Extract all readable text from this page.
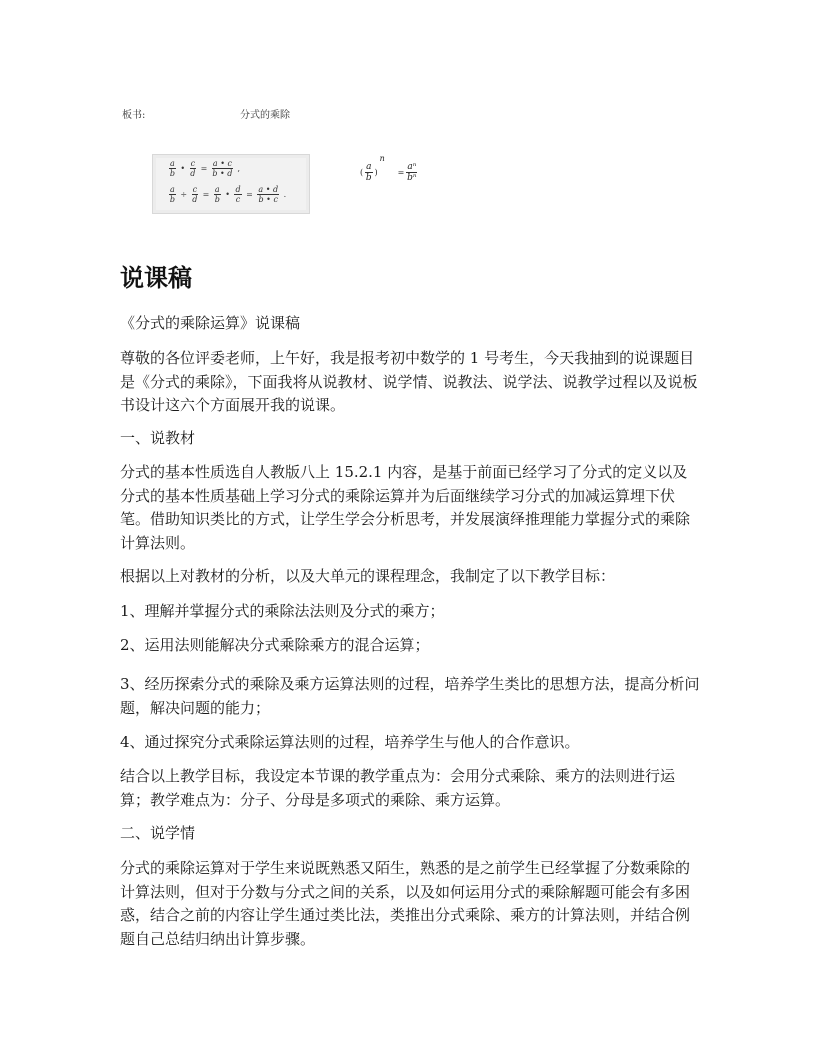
板书:	分式的乘除
$\frac{a}{b}$ • $\frac{c}{d} = \frac{a • c}{b • d}$ ,
$\frac{a}{b} \div \frac{c}{d} = \frac{a}{b}$ • $\frac{d}{c} = \frac{a • d}{b • c}$ .
( $\frac{a}{b} )^n = \frac{\text{aⁿ}}{\text{bⁿ}}$
说课稿
《分式的乘除运算》说课稿
尊敬的各位评委老师，上午好，我是报考初中数学的 1 号考生，今天我抽到的说课题目是《分式的乘除》，下面我将从说教材、说学情、说教法、说学法、说教学过程以及说板书设计这六个方面展开我的说课。
一、说教材
分式的基本性质选自人教版八上 15.2.1 内容，是基于前面已经学习了分式的定义以及分式的基本性质基础上学习分式的乘除运算并为后面继续学习分式的加减运算埋下伏笔。借助知识类比的方式，让学生学会分析思考，并发展演绎推理能力掌握分式的乘除计算法则。
根据以上对教材的分析，以及大单元的课程理念，我制定了以下教学目标：
1、理解并掌握分式的乘除法法则及分式的乘方；
2、运用法则能解决分式乘除乘方的混合运算；
3、经历探索分式的乘除及乘方运算法则的过程，培养学生类比的思想方法，提高分析问题，解决问题的能力；
4、通过探究分式乘除运算法则的过程，培养学生与他人的合作意识。
结合以上教学目标，我设定本节课的教学重点为：会用分式乘除、乘方的法则进行运算；教学难点为：分子、分母是多项式的乘除、乘方运算。
二、说学情
分式的乘除运算对于学生来说既熟悉又陌生，熟悉的是之前学生已经掌握了分数乘除的计算法则，但对于分数与分式之间的关系，以及如何运用分式的乘除解题可能会有多困惑，结合之前的内容让学生通过类比法，类推出分式乘除、乘方的计算法则，并结合例题自己总结归纳出计算步骤。
